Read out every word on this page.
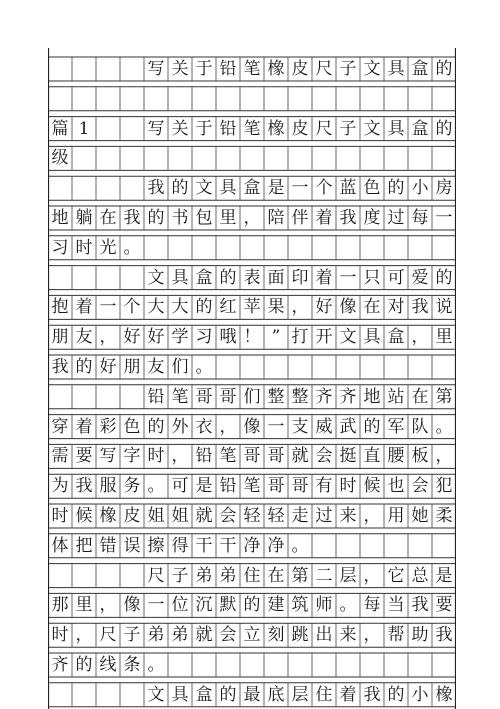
写 关 于 铅 笔 橡 皮 尺 子 文 具 盒 的
篇 1	写 关 于 铅 笔 橡 皮 尺 子 文 具 盒 的
级
我 的 文 具 盒 是 一 个 蓝 色 的 小 房
地 躺 在 我 的 书 包 里 ， 陪 伴 着 我 度 过 每 一
习 时 光 。
文 具 盒 的 表 面 印 着 一 只 可 爱 的
抱 着 一 个 大 大 的 红 苹 果 ， 好 像 在 对 我 说
朋 友 ， 好 好 学 习 哦 ！ ” 打 开 文 具 盒 ， 里
我 的 好 朋 友 们 。
铅 笔 哥 哥 们 整 整 齐 齐 地 站 在 第
穿 着 彩 色 的 外 衣 ， 像 一 支 威 武 的 军 队 。
需 要 写 字 时 ， 铅 笔 哥 哥 就 会 挺 直 腰 板 ，
为 我 服 务 。 可 是 铅 笔 哥 哥 有 时 候 也 会 犯
时 候 橡 皮 姐 姐 就 会 轻 轻 走 过 来 ， 用 她 柔
体 把 错 误 擦 得 干 干 净 净 。
尺 子 弟 弟 住 在 第 二 层 ， 它 总 是
那 里 ， 像 一 位 沉 默 的 建 筑 师 。 每 当 我 要
时 ， 尺 子 弟 弟 就 会 立 刻 跳 出 来 ， 帮 助 我
齐 的 线 条 。
文 具 盒 的 最 底 层 住 着 我 的 小 橡
